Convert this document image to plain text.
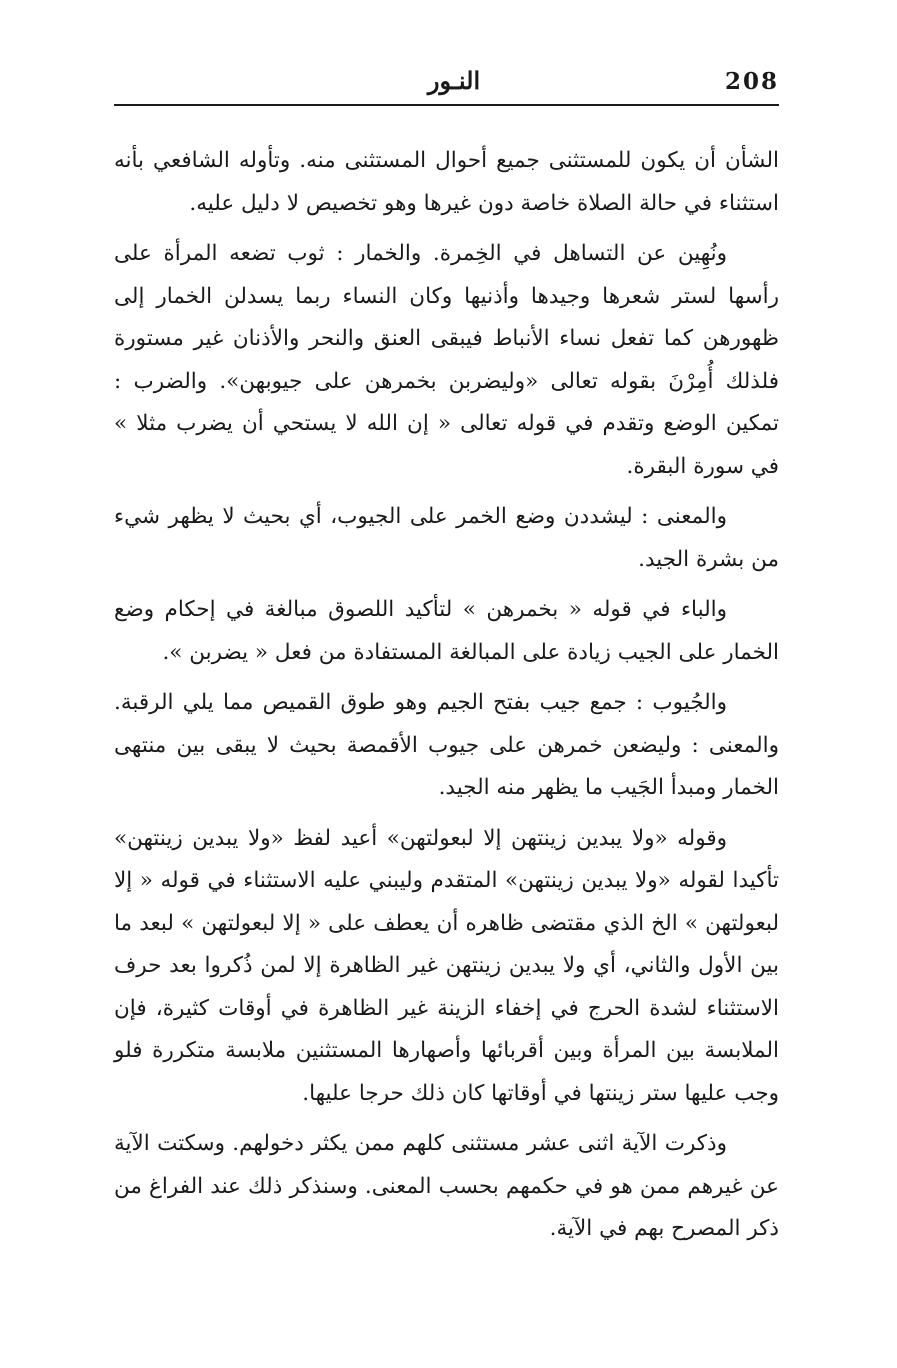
النـور	208

الشأن أن يكون للمستثنى جميع أحوال المستثنى منه. وتأوله الشافعي بأنه استثناء في حالة الصلاة خاصة دون غيرها وهو تخصيص لا دليل عليه.

ونُهِين عن التساهل في الخِمرة. والخمار : ثوب تضعه المرأة على رأسها لستر شعرها وجيدها وأذنيها وكان النساء ربما يسدلن الخمار إلى ظهورهن كما تفعل نساء الأنباط فيبقى العنق والنحر والأذنان غير مستورة فلذلك أُمِرْنَ بقوله تعالى «وليضربن بخمرهن على جيوبهن». والضرب : تمكين الوضع وتقدم في قوله تعالى « إن الله لا يستحي أن يضرب مثلا » في سورة البقرة.

والمعنى : ليشددن وضع الخمر على الجيوب، أي بحيث لا يظهر شيء من بشرة الجيد.

والباء في قوله « بخمرهن » لتأكيد اللصوق مبالغة في إحكام وضع الخمار على الجيب زيادة على المبالغة المستفادة من فعل « يضربن ».

والجُيوب : جمع جيب بفتح الجيم وهو طوق القميص مما يلي الرقبة. والمعنى : وليضعن خمرهن على جيوب الأقمصة بحيث لا يبقى بين منتهى الخمار ومبدأ الجَيب ما يظهر منه الجيد.

وقوله «ولا يبدين زينتهن إلا لبعولتهن» أعيد لفظ «ولا يبدين زينتهن» تأكيدا لقوله «ولا يبدين زينتهن» المتقدم وليبني عليه الاستثناء في قوله « إلا لبعولتهن » الخ الذي مقتضى ظاهره أن يعطف على « إلا لبعولتهن » لبعد ما بين الأول والثاني، أي ولا يبدين زينتهن غير الظاهرة إلا لمن ذُكروا بعد حرف الاستثناء لشدة الحرج في إخفاء الزينة غير الظاهرة في أوقات كثيرة، فإن الملابسة بين المرأة وبين أقربائها وأصهارها المستثنين ملابسة متكررة فلو وجب عليها ستر زينتها في أوقاتها كان ذلك حرجا عليها.

وذكرت الآية اثنى عشر مستثنى كلهم ممن يكثر دخولهم. وسكتت الآية عن غيرهم ممن هو في حكمهم بحسب المعنى. وسنذكر ذلك عند الفراغ من ذكر المصرح بهم في الآية.
